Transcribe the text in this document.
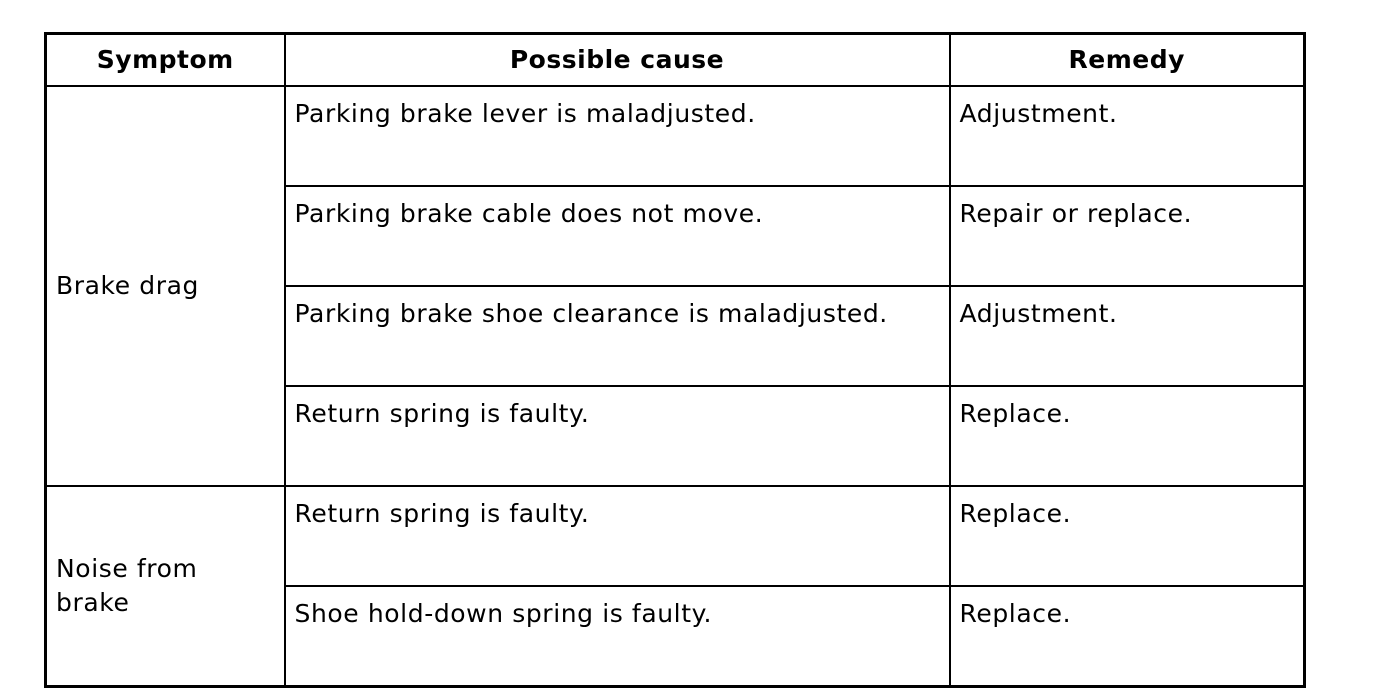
Symptom	Possible cause	Remedy
Brake drag	Parking brake lever is maladjusted.	Adjustment.
	Parking brake cable does not move.	Repair or replace.
	Parking brake shoe clearance is maladjusted.	Adjustment.
	Return spring is faulty.	Replace.
Noise from brake	Return spring is faulty.	Replace.
	Shoe hold-down spring is faulty.	Replace.
